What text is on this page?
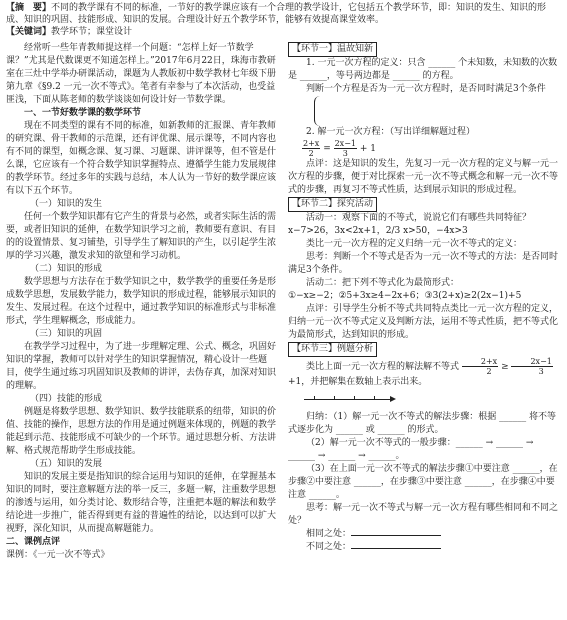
【摘　要】不同的教学课有不同的标准，一节好的教学课应该有一个合理的教学设计，它包括五个教学环节，即：知识的发生、知识的形成、知识的巩固、技能形成、知识的发展。合理设计好五个教学环节，能够有效提高课堂效率。

【关键词】教学环节；课堂设计

经常听一些年青教师提这样一个问题：“怎样上好一节数学课？”尤其是代数课更不知道怎样上。”2017年6月22日，珠海市教研室在三灶中学举办研课活动，课题为人教版初中数学教材七年级下册第九章《§9.2 一元一次不等式》。笔者有幸参与了本次活动，也受益匪浅，下面从陈老师的数学谈谈如何设计好一节数学课。

一、一节好数学课的数学环节

现在不同类型的课有不同的标准，如新教师的汇报课、青年教师的研究课、骨干教师的示范课，还有评优课、展示课等，不同内容也有不同的课型，如概念课、复习课、习题课、讲评课等，但不管是什么课，它应该有一个符合数学知识掌握特点、遵循学生能力发展规律的教学环节。经过多年的实践与总结，本人认为一节好的数学课应该有以下五个环节。

（一）知识的发生

任何一个数学知识都有它产生的背景与必然，或者实际生活的需要，或者旧知识的延伸，在数学知识学习之前，教师要有意识、有目的的设置情景、复习铺垫，引导学生了解知识的产生，以引起学生浓厚的学习兴趣，激发求知的欲望和学习动机。

（二）知识的形成

数学思想与方法存在于数学知识之中，数学教学的重要任务是形成数学思想，发展数学能力，数学知识的形成过程，能够展示知识的发生、发展过程。在这个过程中，通过教学知识的标准形式与非标准形式，学生理解概念，形成能力。

（三）知识的巩固

在教学学习过程中，为了进一步理解定理、公式、概念，巩固好知识的掌握，教师可以针对学生的知识掌握情况，精心设计一些题目，使学生通过练习巩固知识及教师的讲评，去伪存真，加深对知识的理解。

（四）技能的形成

例题是将数学思想、数学知识、数学技能联系的纽带，知识的价值、技能的操作，思想方法的作用是通过例题来体现的，例题的教学能起到示范、技能形成不可缺少的一个环节。通过思想分析、方法讲解、格式规范帮助学生形成技能。

（五）知识的发展

知识的发展主要是指知识的综合运用与知识的延伸，在掌握基本知识的同时，要注意解题方法的举一反三，多题一解，注重数学思想的渗透与运用，如分类讨论、数形结合等，注重把本题的解法和数学结论进一步推广，能否得到更有益的普遍性的结论，以达到可以扩大视野，深化知识，从而提高解题能力。

二、课例点评

课例：《一元一次不等式》

【环节一】温故知新

1. 一元一次方程的定义：只含 ______ 个未知数，未知数的次数是 ______，等号两边都是 ______ 的方程。

判断一个方程是否为一元一次方程时，是否同时满足3个条件

2. 解一元一次方程：（写出详细解题过程）

$\frac{2+x}{2} = \frac{2x-1}{3} + 1$

点评：这是知识的发生，先复习一元一次方程的定义与解一元一次方程的步骤，便于对比探索一元一次不等式概念和解一元一次不等式的步骤，再复习不等式性质，达到展示知识的形成过程。

【环节二】探究活动

活动一：观察下面的不等式，说说它们有哪些共同特征？

x−7>26，3x<2x+1，2/3 x>50，−4x>3

类比一元一次方程的定义归纳一元一次不等式的定义：

思考：判断一个不等式是否为一元一次不等式的方法：是否同时满足3个条件。

活动二：把下列不等式化为最简形式：

①−x≥−2；②5+3x≥4−2x+6；③3(2+x)≥2(2x−1)+5

点评：引导学生分析不等式共同特点类比一元一次方程的定义，归纳一元一次不等式定义及判断方法，运用不等式性质，把不等式化为最简形式，达到知识的形成。

【环节三】例题分析

类比上面一元一次方程的解法解不等式 $\frac{2+x}{2} \ge \frac{2x-1}{3}$

+1，并把解集在数轴上表示出来。

归纳：（1）解一元一次不等式的解法步骤：根据 ______ 将不等式逐步化为 ______ 或 ______ 的形式。

（2）解一元一次不等式的一般步骤：______ → ______ → ______ → ______ → ______。

（3）在上面一元一次不等式的解法步骤①中要注意 ______，在步骤②中要注意 ______，在步骤③中要注意 ______，在步骤④中要注意 ______。

思考：解一元一次不等式与解一元一次方程有哪些相同和不同之处？

相同之处：

不同之处：
